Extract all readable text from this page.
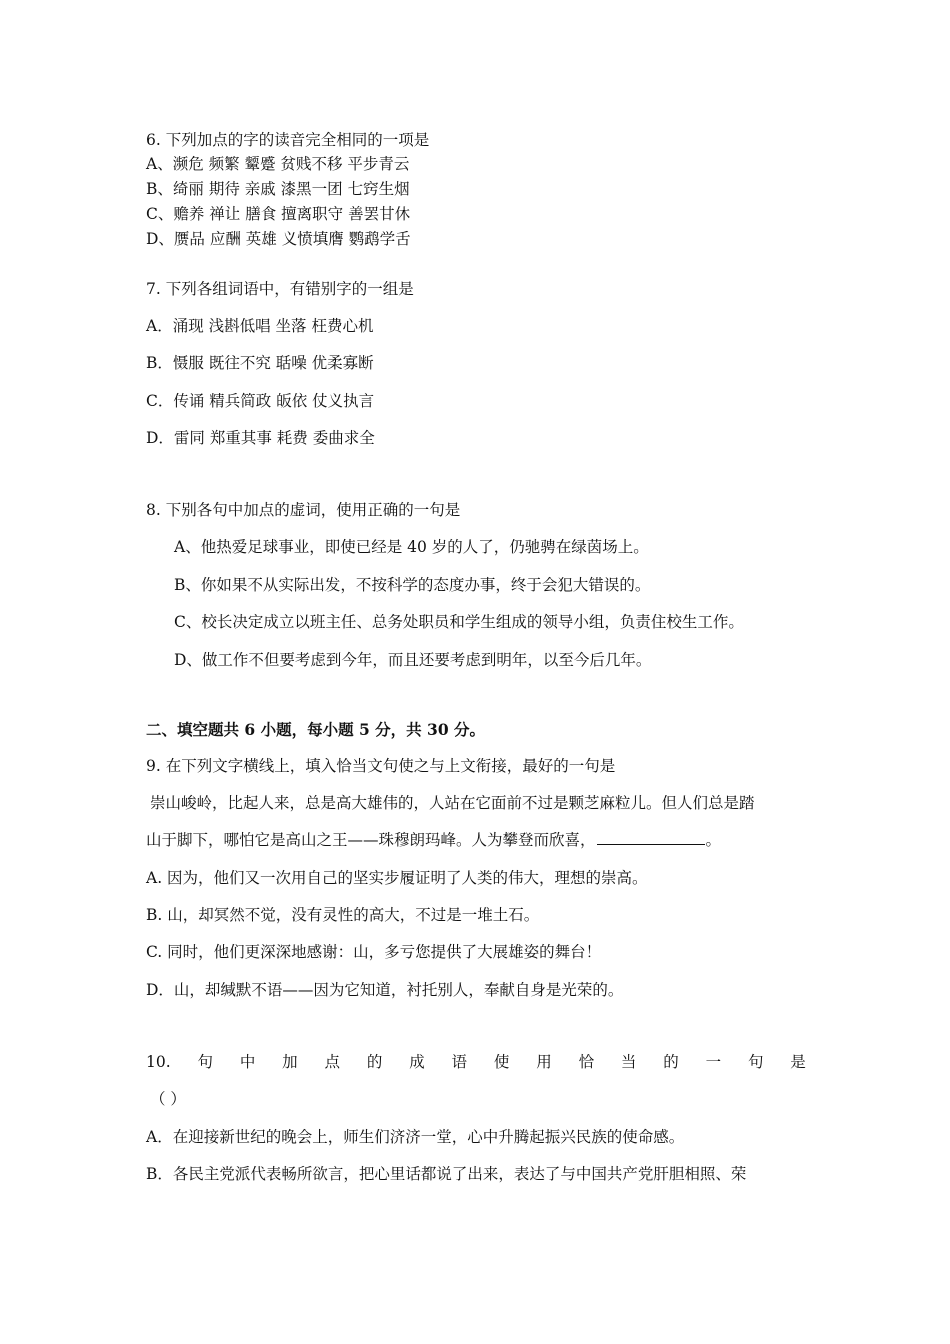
6. 下列加点的字的读音完全相同的一项是
A、濒危 频繁 颦蹙 贫贱不移 平步青云
B、绮丽 期待 亲戚 漆黑一团 七窍生烟
C、赡养 禅让 膳食 擅离职守 善罢甘休
D、赝品 应酬 英雄 义愤填膺 鹦鹉学舌
7. 下列各组词语中，有错别字的一组是
A．涌现 浅斟低唱 坐落 枉费心机
B．慑服 既往不究 聒噪 优柔寡断
C．传诵 精兵简政 皈依 仗义执言
D．雷同 郑重其事 耗费 委曲求全
8. 下别各句中加点的虚词，使用正确的一句是
A、他热爱足球事业，即使已经是 40 岁的人了，仍驰骋在绿茵场上。
B、你如果不从实际出发，不按科学的态度办事，终于会犯大错误的。
C、校长决定成立以班主任、总务处职员和学生组成的领导小组，负责住校生工作。
D、做工作不但要考虑到今年，而且还要考虑到明年，以至今后几年。
二、填空题共 6 小题，每小题 5 分，共 30 分。
9. 在下列文字横线上，填入恰当文句使之与上文衔接，最好的一句是
崇山峻岭，比起人来，总是高大雄伟的，人站在它面前不过是颗芝麻粒儿。但人们总是踏
山于脚下，哪怕它是高山之王——珠穆朗玛峰。人为攀登而欣喜，	。
A. 因为，他们又一次用自己的坚实步履证明了人类的伟大，理想的崇高。
B. 山，却冥然不觉，没有灵性的高大，不过是一堆土石。
C. 同时，他们更深深地感谢：山，多亏您提供了大展雄姿的舞台！
D．山，却缄默不语——因为它知道，衬托别人，奉献自身是光荣的。
10. 句 中 加 点 的 成 语 使 用 恰 当 的 一 句 是
（ ）
A．在迎接新世纪的晚会上，师生们济济一堂，心中升腾起振兴民族的使命感。
B．各民主党派代表畅所欲言，把心里话都说了出来，表达了与中国共产党肝胆相照、荣
